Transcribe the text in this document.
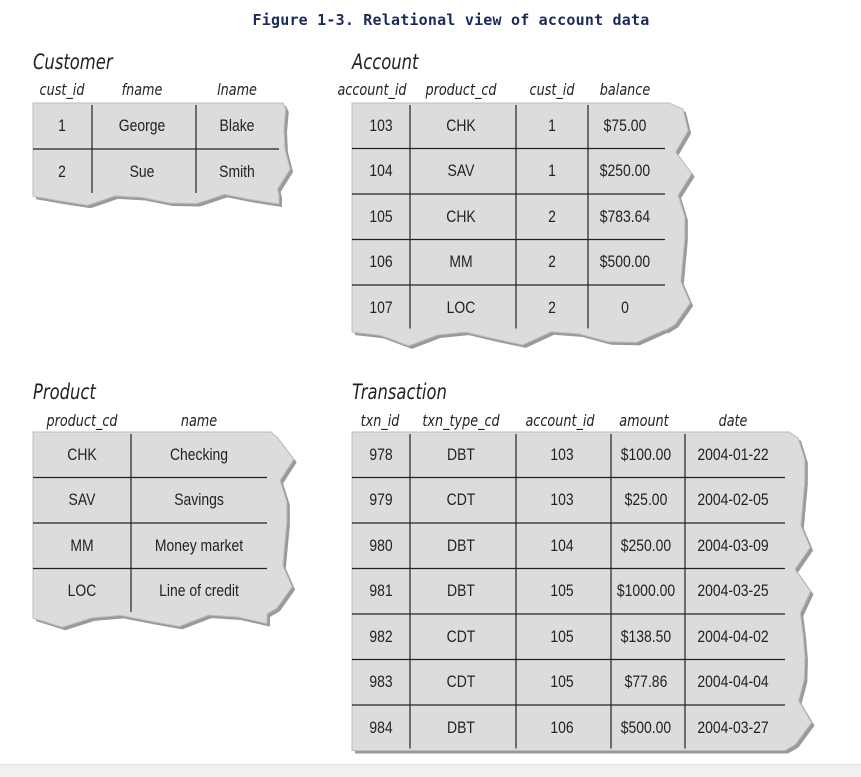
Figure 1-3. Relational view of account data
Customer
cust_id	fname	lname
1	George	Blake
2	Sue	Smith
Account
account_id	product_cd	cust_id	balance
103	CHK	1	$75.00
104	SAV	1	$250.00
105	CHK	2	$783.64
106	MM	2	$500.00
107	LOC	2	0
Product
product_cd	name
CHK	Checking
SAV	Savings
MM	Money market
LOC	Line of credit
Transaction
txn_id	txn_type_cd	account_id	amount	date
978	DBT	103	$100.00	2004-01-22
979	CDT	103	$25.00	2004-02-05
980	DBT	104	$250.00	2004-03-09
981	DBT	105	$1000.00	2004-03-25
982	CDT	105	$138.50	2004-04-02
983	CDT	105	$77.86	2004-04-04
984	DBT	106	$500.00	2004-03-27
